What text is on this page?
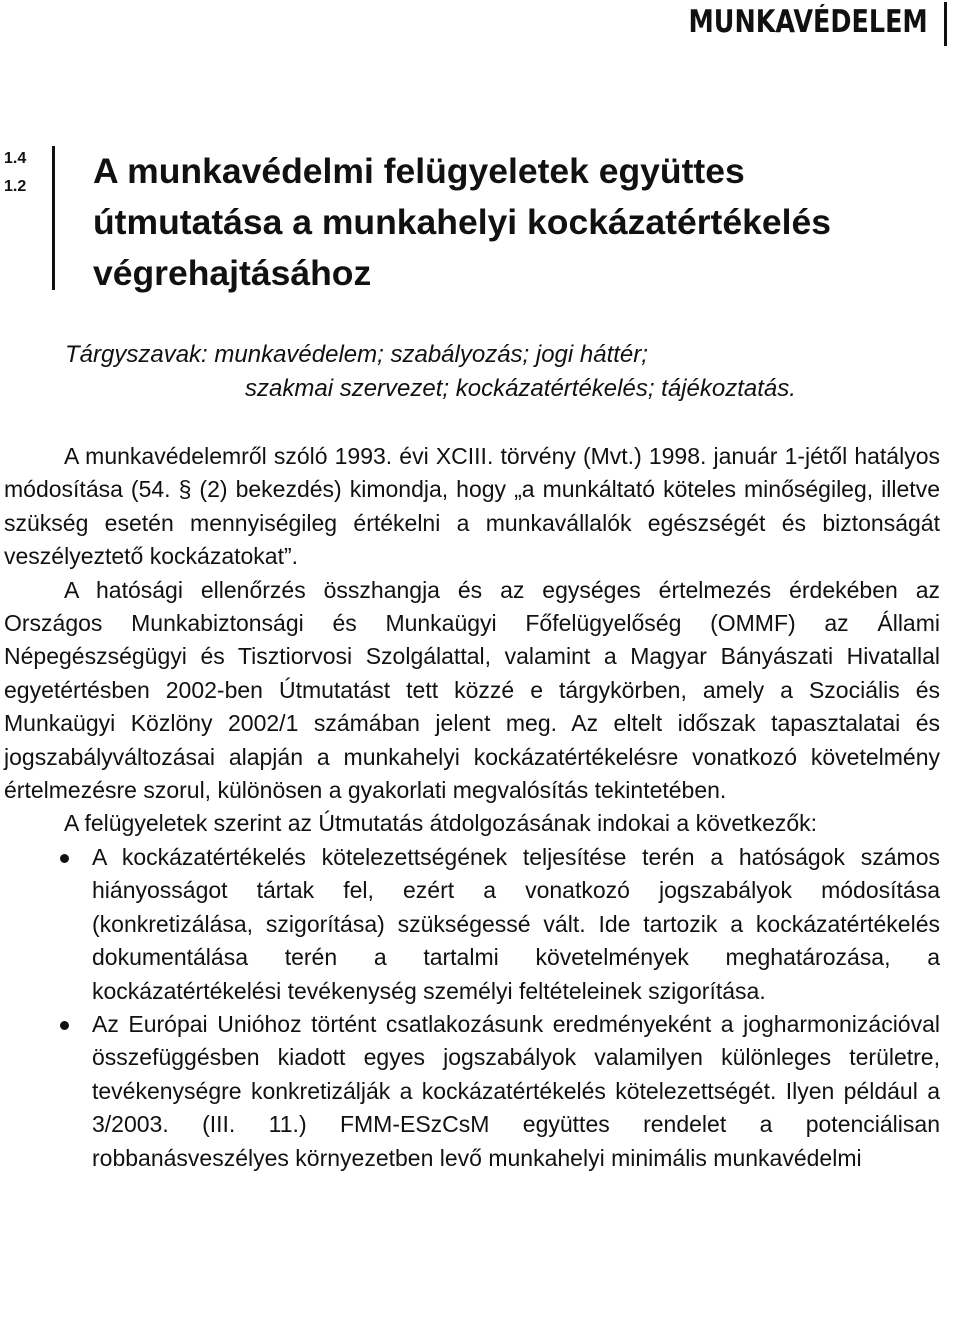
MUNKAVÉDELEM
1.4
1.2 A munkavédelmi felügyeletek együttes útmutatása a munkahelyi kockázatértékelés végrehajtásához
Tárgyszavak: munkavédelem; szabályozás; jogi háttér;
szakmai szervezet; kockázatértékelés; tájékoztatás.

A munkavédelemről szóló 1993. évi XCIII. törvény (Mvt.) 1998. január 1-jétől hatályos módosítása (54. § (2) bekezdés) kimondja, hogy „a munkáltató köteles minőségileg, illetve szükség esetén mennyiségileg értékelni a munkavállalók egészségét és biztonságát veszélyeztető kockázatokat”.

A hatósági ellenőrzés összhangja és az egységes értelmezés érdekében az Országos Munkabiztonsági és Munkaügyi Főfelügyelőség (OMMF) az Állami Népegészségügyi és Tisztiorvosi Szolgálattal, valamint a Magyar Bányászati Hivatallal egyetértésben 2002-ben Útmutatást tett közzé e tárgykörben, amely a Szociális és Munkaügyi Közlöny 2002/1 számában jelent meg. Az eltelt időszak tapasztalatai és jogszabályváltozásai alapján a munkahelyi kockázatértékelésre vonatkozó követelmény értelmezésre szorul, különösen a gyakorlati megvalósítás tekintetében.

A felügyeletek szerint az Útmutatás átdolgozásának indokai a következők:

A kockázatértékelés kötelezettségének teljesítése terén a hatóságok számos hiányosságot tártak fel, ezért a vonatkozó jogszabályok módosítása (konkretizálása, szigorítása) szükségessé vált. Ide tartozik a kockázatértékelés dokumentálása terén a tartalmi követelmények meghatározása, a kockázatértékelési tevékenység személyi feltételeinek szigorítása.
Az Európai Unióhoz történt csatlakozásunk eredményeként a jogharmonizációval összefüggésben kiadott egyes jogszabályok valamilyen különleges területre, tevékenységre konkretizálják a kockázatértékelés kötelezettségét. Ilyen például a 3/2003. (III. 11.) FMM-ESzCsM együttes rendelet a potenciálisan robbanásveszélyes környezetben levő munkahelyi minimális munkavédelmi
